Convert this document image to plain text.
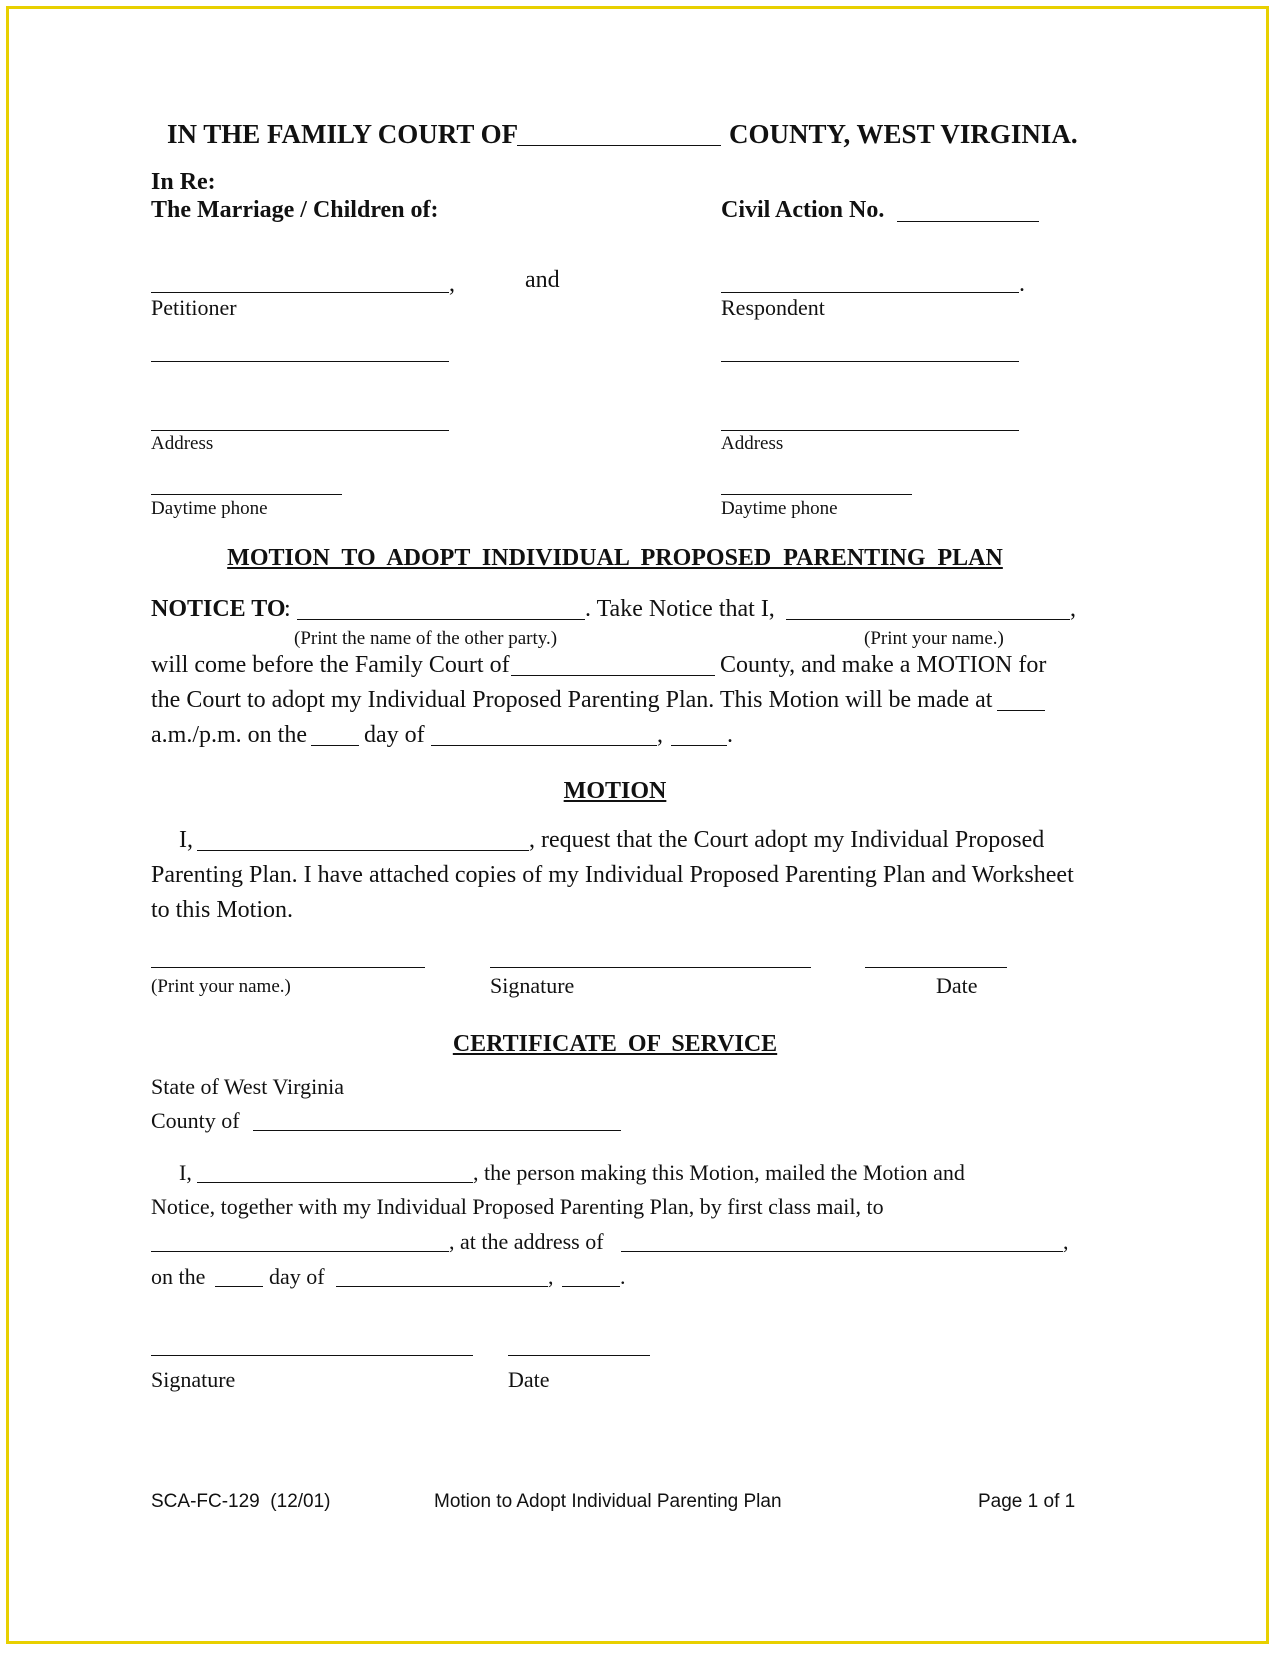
IN THE FAMILY COURT OF	COUNTY, WEST VIRGINIA.
In Re:
The Marriage / Children of:	Civil Action No.
,	and	.
Petitioner	Respondent
Address	Address
Daytime phone	Daytime phone
MOTION TO ADOPT INDIVIDUAL PROPOSED PARENTING PLAN
NOTICE TO
:	. Take Notice that I,	,
(Print the name of the other party.)	(Print your name.)
will come before the Family Court of	County, and make a MOTION for
the Court to adopt my Individual Proposed Parenting Plan. This Motion will be made at
a.m./p.m. on the day of	,	.
MOTION
I,	, request that the Court adopt my Individual Proposed
Parenting Plan. I have attached copies of my Individual Proposed Parenting Plan and Worksheet
to this Motion.
(Print your name.)	Signature	Date
CERTIFICATE OF SERVICE
State of West Virginia
County of
I,	, the person making this Motion, mailed the Motion and
Notice, together with my Individual Proposed Parenting Plan, by first class mail, to
, at the address of	,
on the	day of	,	.
Signature	Date
SCA-FC-129  (12/01)	Motion to Adopt Individual Parenting Plan	Page 1 of 1
